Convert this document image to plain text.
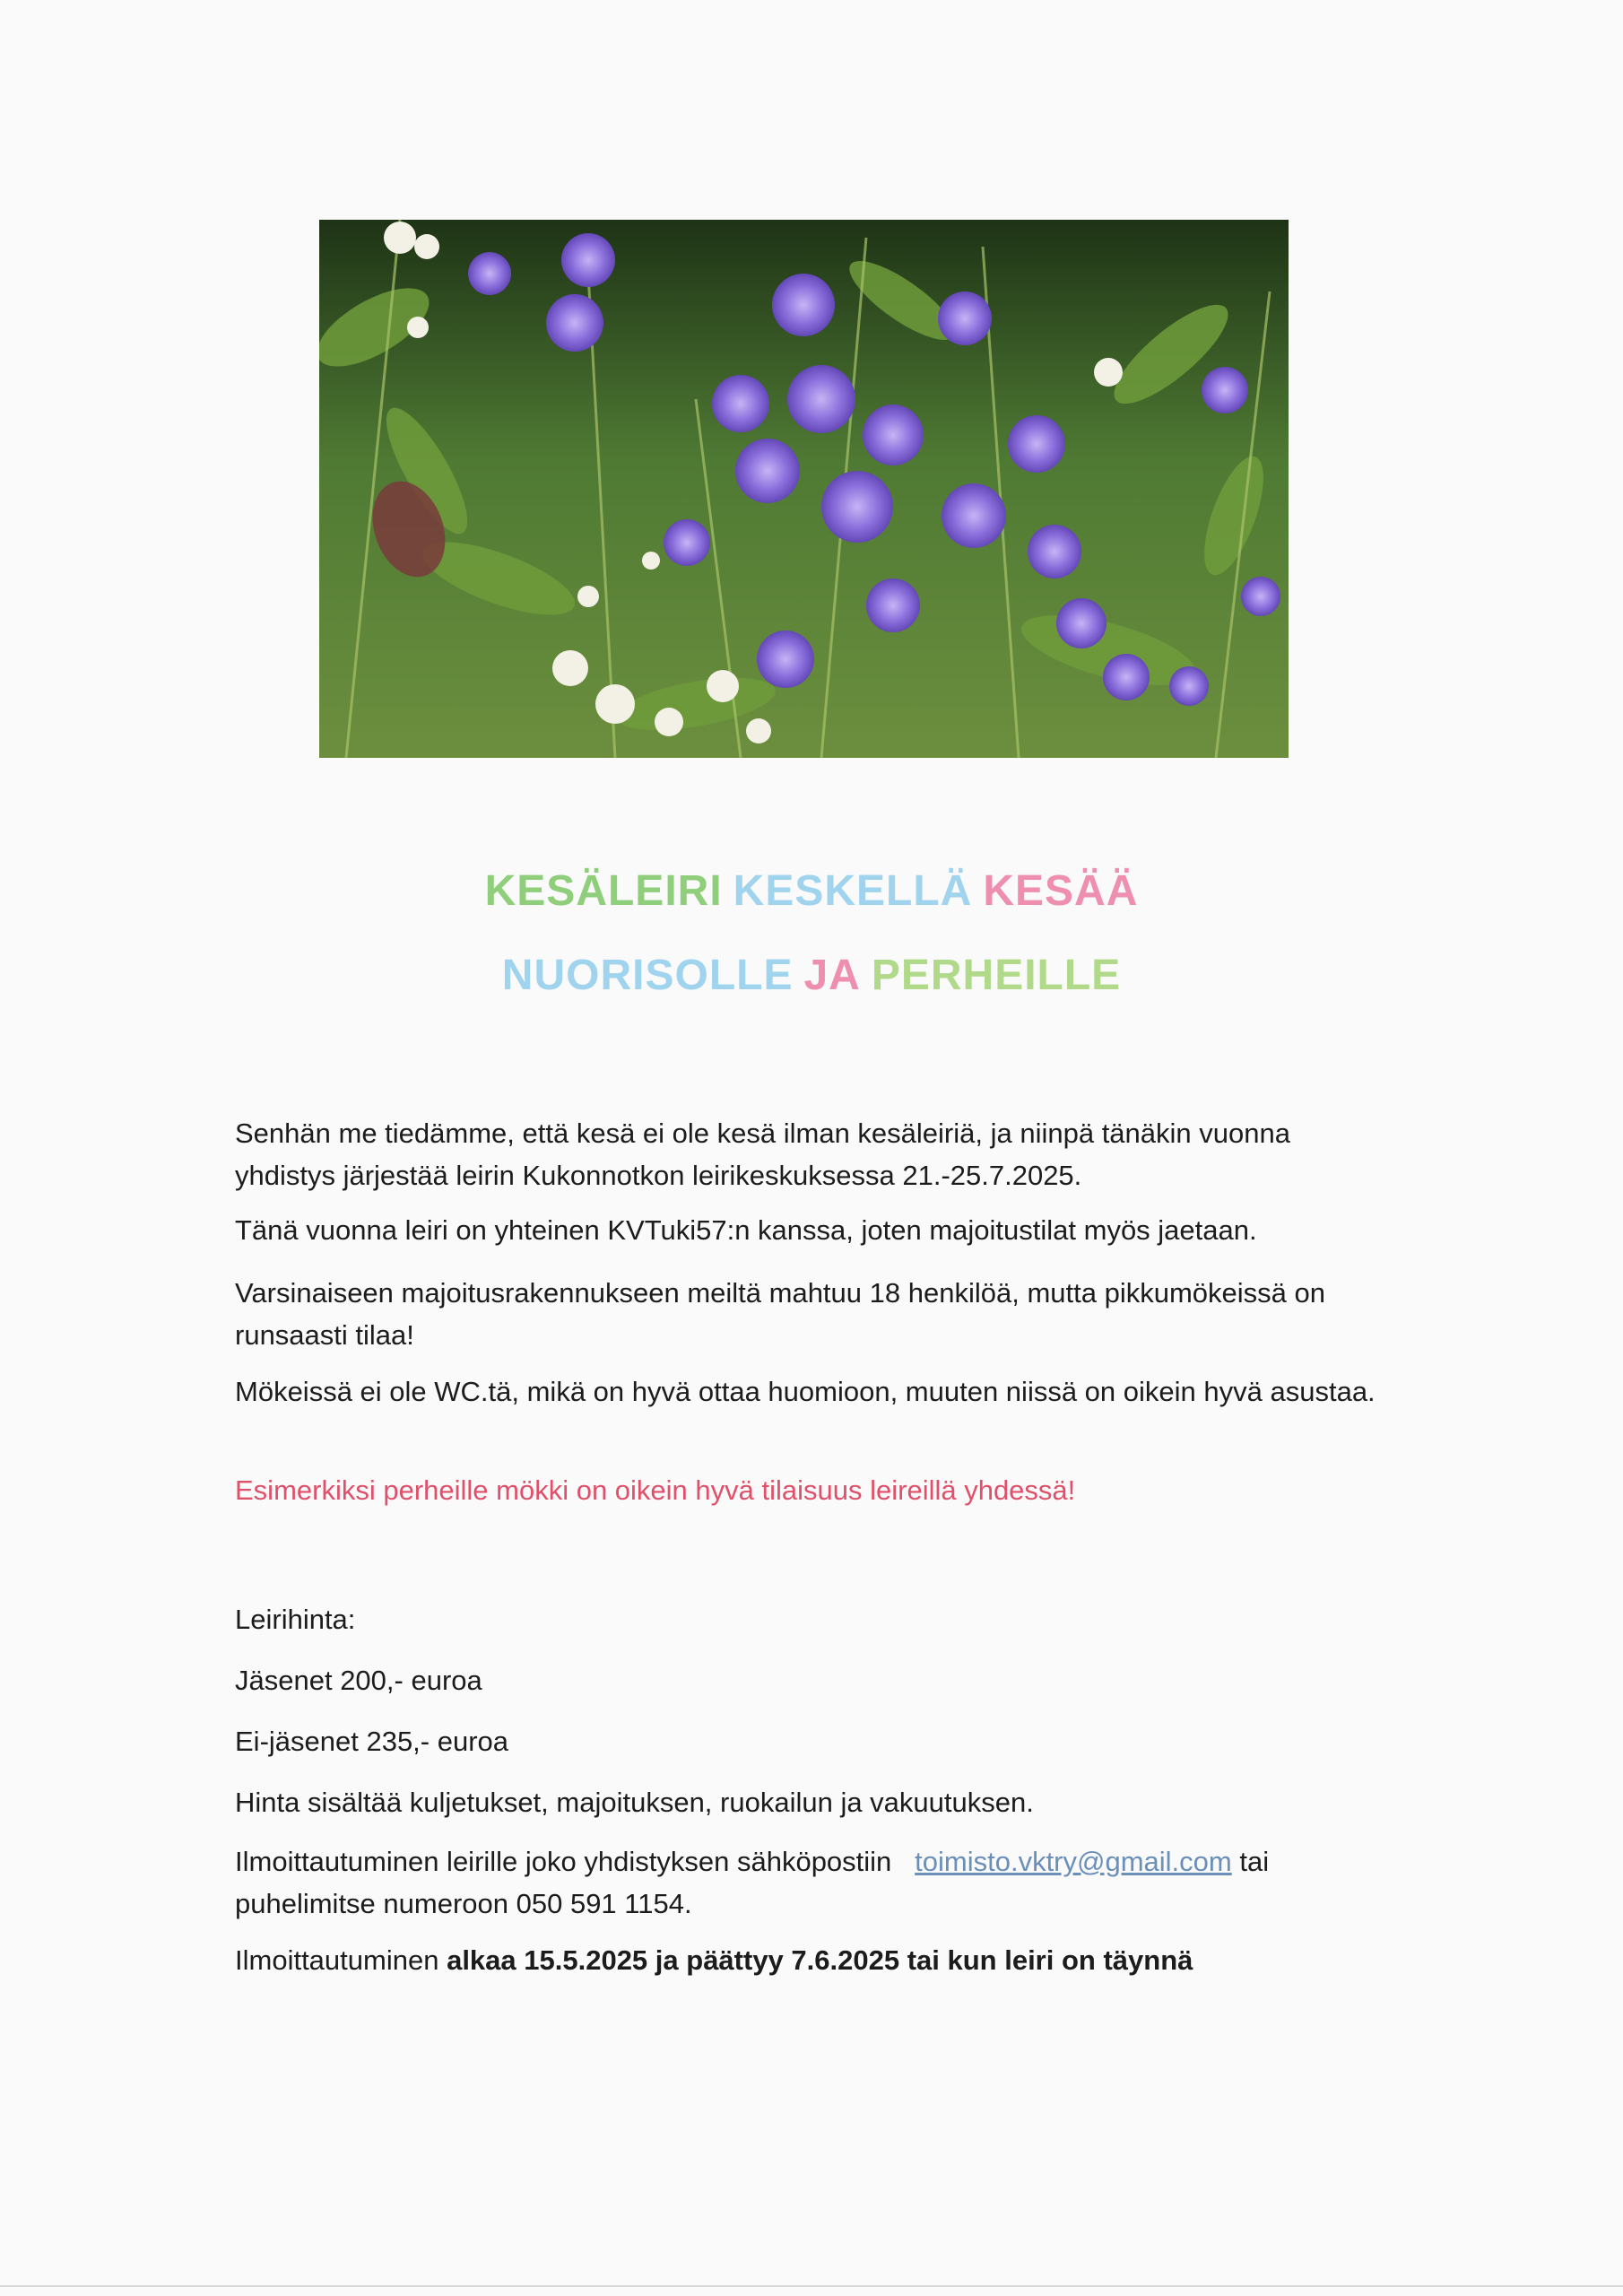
KESÄLEIRI KESKELLÄ KESÄÄ
NUORISOLLE JA PERHEILLE

Senhän me tiedämme, että kesä ei ole kesä ilman kesäleiriä, ja niinpä tänäkin vuonna yhdistys järjestää leirin Kukonnotkon leirikeskuksessa 21.-25.7.2025.

Tänä vuonna leiri on yhteinen KVTuki57:n kanssa, joten majoitustilat myös jaetaan.

Varsinaiseen majoitusrakennukseen meiltä mahtuu 18 henkilöä, mutta pikkumökeissä on runsaasti tilaa!

Mökeissä ei ole WC.tä, mikä on hyvä ottaa huomioon, muuten niissä on oikein hyvä asustaa.

Esimerkiksi perheille mökki on oikein hyvä tilaisuus leireillä yhdessä!

Leirihinta:

Jäsenet 200,- euroa

Ei-jäsenet 235,- euroa

Hinta sisältää kuljetukset, majoituksen, ruokailun ja vakuutuksen.

Ilmoittautuminen leirille joko yhdistyksen sähköpostiin toimisto.vktry@gmail.com tai puhelimitse numeroon 050 591 1154.

Ilmoittautuminen alkaa 15.5.2025 ja päättyy 7.6.2025 tai kun leiri on täynnä
